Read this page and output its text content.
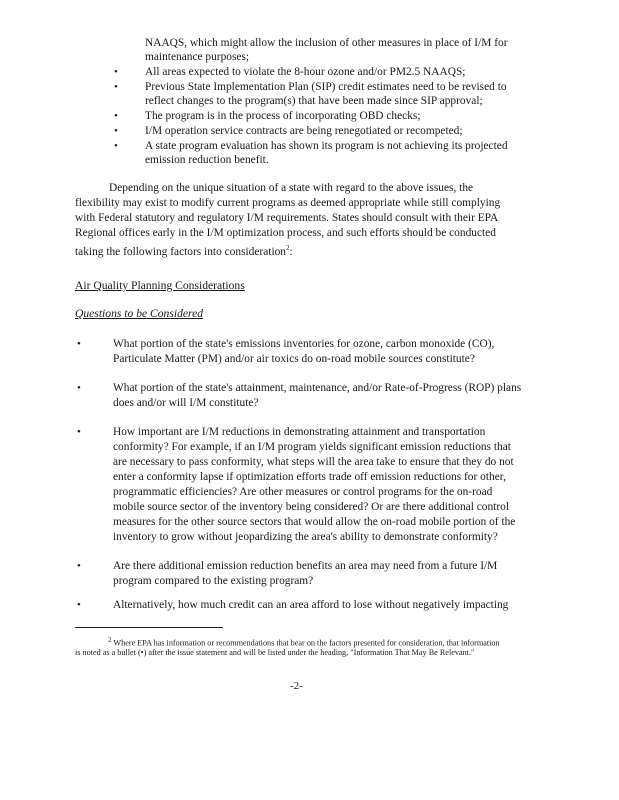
NAAQS, which might allow the inclusion of other measures in place of I/M for
maintenance purposes;
• All areas expected to violate the 8-hour ozone and/or PM2.5 NAAQS;
• Previous State Implementation Plan (SIP) credit estimates need to be revised to
reflect changes to the program(s) that have been made since SIP approval;
• The program is in the process of incorporating OBD checks;
• I/M operation service contracts are being renegotiated or recompeted;
• A state program evaluation has shown its program is not achieving its projected
emission reduction benefit.
Depending on the unique situation of a state with regard to the above issues, the
flexibility may exist to modify current programs as deemed appropriate while still complying
with Federal statutory and regulatory I/M requirements. States should consult with their EPA
Regional offices early in the I/M optimization process, and such efforts should be conducted
taking the following factors into consideration$^2$:
Air Quality Planning Considerations
Questions to be Considered
•	What portion of the state's emissions inventories for ozone, carbon monoxide (CO),
Particulate Matter (PM) and/or air toxics do on-road mobile sources constitute?
•	What portion of the state's attainment, maintenance, and/or Rate-of-Progress (ROP) plans
does and/or will I/M constitute?
•	How important are I/M reductions in demonstrating attainment and transportation
conformity? For example, if an I/M program yields significant emission reductions that
are necessary to pass conformity, what steps will the area take to ensure that they do not
enter a conformity lapse if optimization efforts trade off emission reductions for other,
programmatic efficiencies? Are other measures or control programs for the on-road
mobile source sector of the inventory being considered? Or are there additional control
measures for the other source sectors that would allow the on-road mobile portion of the
inventory to grow without jeopardizing the area's ability to demonstrate conformity?
•	Are there additional emission reduction benefits an area may need from a future I/M
program compared to the existing program?
•	Alternatively, how much credit can an area afford to lose without negatively impacting
$^2$ Where EPA has information or recommendations that bear on the factors presented for consideration, that information
is noted as a bullet (•) after the issue statement and will be listed under the heading, "Information That May Be Relevant."
-2-
